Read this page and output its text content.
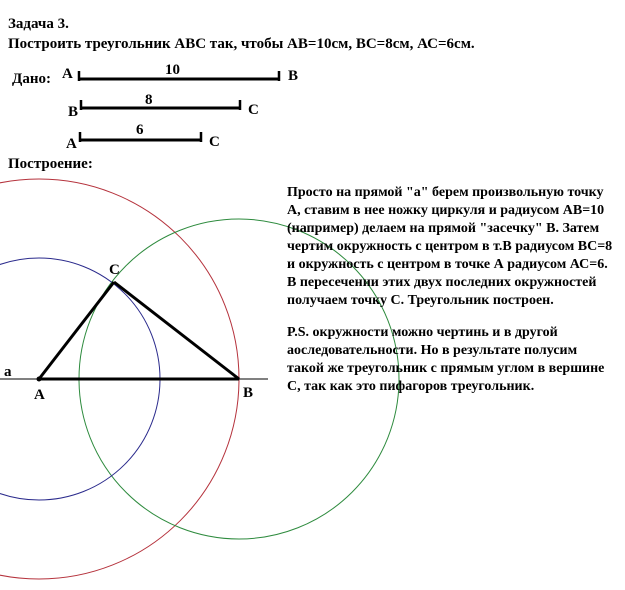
Задача 3.
Построить треугольник АВС так, чтобы АВ=10см, ВС=8см, АС=6см.
Дано:
Построение:
A	B
10
B	C
8
A	C
6
а
A	B
C

Просто на прямой "а" берем произвольную точку А, ставим в нее ножку циркуля и радиусом АВ=10 (например) делаем на прямой "засечку" В. Затем чертим окружность с центром в т.В радиусом ВС=8 и окружность с центром в точке А радиусом АС=6. В пересечении этих двух последних окружностей получаем точку С. Треугольник построен.

P.S. окружности можно чертинь и в другой аоследовательности. Но в результате полусим такой же треугольник с прямым углом в вершине С, так как это пифагоров треугольник.
